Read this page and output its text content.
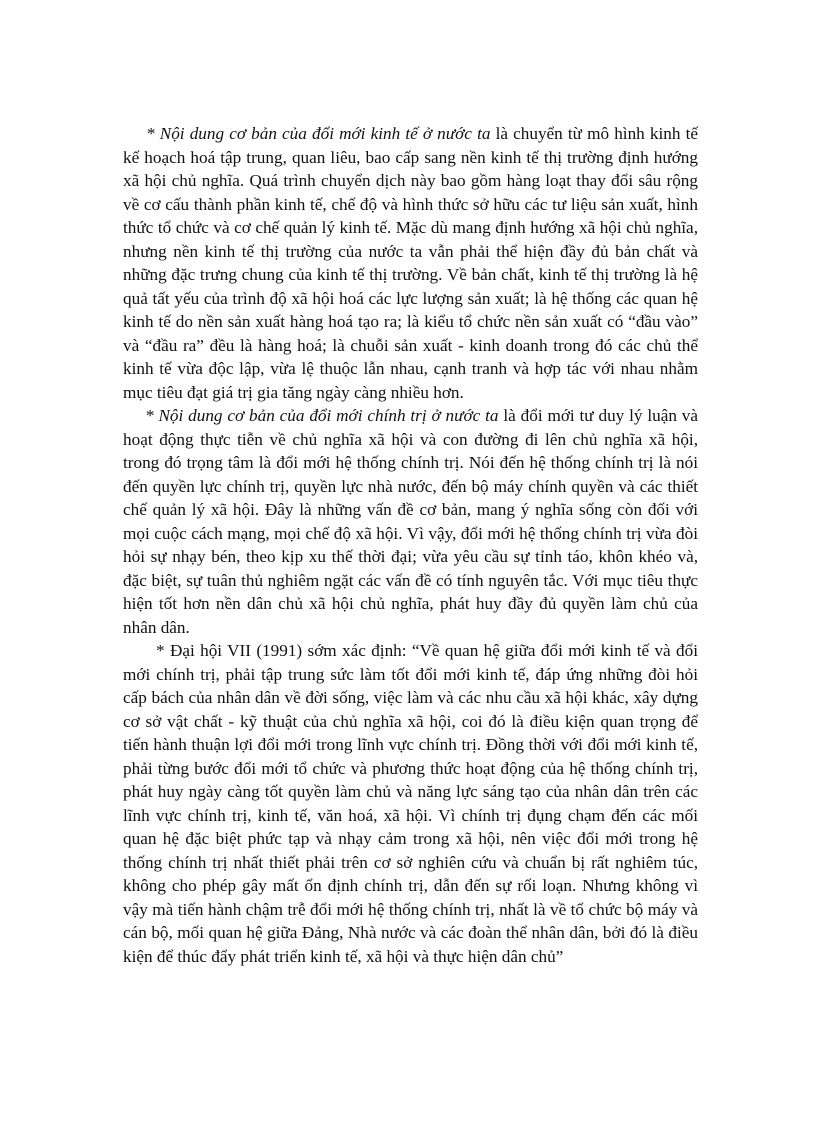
* Nội dung cơ bản của đổi mới kinh tế ở nước ta là chuyển từ mô hình kinh tế kế hoạch hoá tập trung, quan liêu, bao cấp sang nền kinh tế thị trường định hướng xã hội chủ nghĩa. Quá trình chuyển dịch này bao gồm hàng loạt thay đổi sâu rộng về cơ cấu thành phần kinh tế, chế độ và hình thức sở hữu các tư liệu sản xuất, hình thức tổ chức và cơ chế quản lý kinh tế. Mặc dù mang định hướng xã hội chủ nghĩa, nhưng nền kinh tế thị trường của nước ta vẫn phải thể hiện đầy đủ bản chất và những đặc trưng chung của kinh tế thị trường. Về bản chất, kinh tế thị trường là hệ quả tất yếu của trình độ xã hội hoá các lực lượng sản xuất; là hệ thống các quan hệ kinh tế do nền sản xuất hàng hoá tạo ra; là kiểu tổ chức nền sản xuất có “đầu vào” và “đầu ra” đều là hàng hoá; là chuỗi sản xuất - kinh doanh trong đó các chủ thể kinh tế vừa độc lập, vừa lệ thuộc lẫn nhau, cạnh tranh và hợp tác với nhau nhằm mục tiêu đạt giá trị gia tăng ngày càng nhiều hơn.

* Nội dung cơ bản của đổi mới chính trị ở nước ta là đổi mới tư duy lý luận và hoạt động thực tiễn về chủ nghĩa xã hội và con đường đi lên chủ nghĩa xã hội, trong đó trọng tâm là đổi mới hệ thống chính trị. Nói đến hệ thống chính trị là nói đến quyền lực chính trị, quyền lực nhà nước, đến bộ máy chính quyền và các thiết chế quản lý xã hội. Đây là những vấn đề cơ bản, mang ý nghĩa sống còn đối với mọi cuộc cách mạng, mọi chế độ xã hội. Vì vậy, đổi mới hệ thống chính trị vừa đòi hỏi sự nhạy bén, theo kịp xu thế thời đại; vừa yêu cầu sự tỉnh táo, khôn khéo và, đặc biệt, sự tuân thủ nghiêm ngặt các vấn đề có tính nguyên tắc. Với mục tiêu thực hiện tốt hơn nền dân chủ xã hội chủ nghĩa, phát huy đầy đủ quyền làm chủ của nhân dân.

* Đại hội VII (1991) sớm xác định: “Về quan hệ giữa đổi mới kinh tế và đổi mới chính trị, phải tập trung sức làm tốt đổi mới kinh tế, đáp ứng những đòi hỏi cấp bách của nhân dân về đời sống, việc làm và các nhu cầu xã hội khác, xây dựng cơ sở vật chất - kỹ thuật của chủ nghĩa xã hội, coi đó là điều kiện quan trọng để tiến hành thuận lợi đổi mới trong lĩnh vực chính trị. Đồng thời với đổi mới kinh tế, phải từng bước đổi mới tổ chức và phương thức hoạt động của hệ thống chính trị, phát huy ngày càng tốt quyền làm chủ và năng lực sáng tạo của nhân dân trên các lĩnh vực chính trị, kinh tế, văn hoá, xã hội. Vì chính trị đụng chạm đến các mối quan hệ đặc biệt phức tạp và nhạy cảm trong xã hội, nên việc đổi mới trong hệ thống chính trị nhất thiết phải trên cơ sở nghiên cứu và chuẩn bị rất nghiêm túc, không cho phép gây mất ổn định chính trị, dẫn đến sự rối loạn. Nhưng không vì vậy mà tiến hành chậm trễ đổi mới hệ thống chính trị, nhất là về tổ chức bộ máy và cán bộ, mối quan hệ giữa Đảng, Nhà nước và các đoàn thể nhân dân, bởi đó là điều kiện để thúc đẩy phát triển kinh tế, xã hội và thực hiện dân chủ”
